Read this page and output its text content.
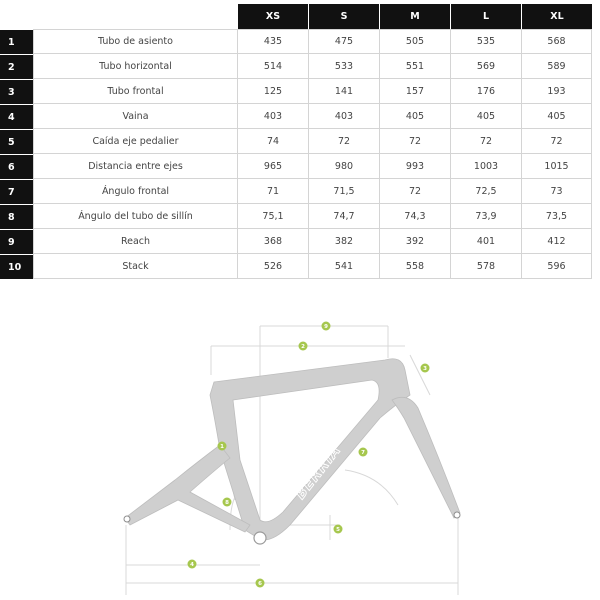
		XS	S	M	L	XL
1	Tubo de asiento	435	475	505	535	568
2	Tubo horizontal	514	533	551	569	589
3	Tubo frontal	125	141	157	176	193
4	Vaina	403	403	405	405	405
5	Caída eje pedalier	74	72	72	72	72
6	Distancia entre ejes	965	980	993	1003	1015
7	Ángulo frontal	71	71,5	72	72,5	73
8	Ángulo del tubo de sillín	75,1	74,7	74,3	73,9	73,5
9	Reach	368	382	392	401	412
10	Stack	526	541	558	578	596
BERRIA
1
2
3
4
5
6
7
8
9
